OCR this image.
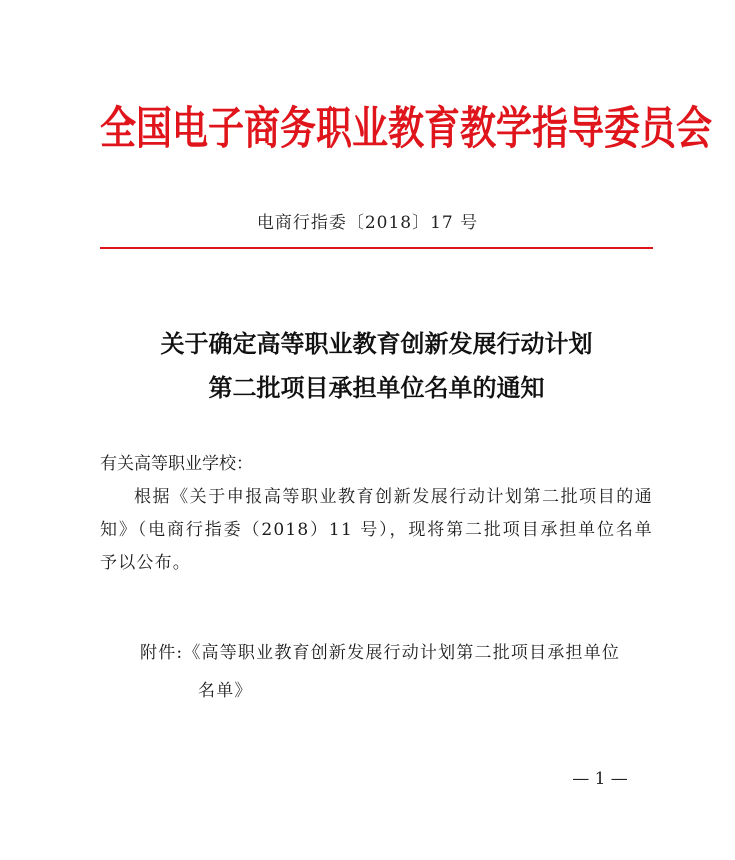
全国电子商务职业教育教学指导委员会
电商行指委〔2018〕17 号
关于确定高等职业教育创新发展行动计划
第二批项目承担单位名单的通知
有关高等职业学校：
根据《关于申报高等职业教育创新发展行动计划第二批项目的通知》（电商行指委（2018）11 号），现将第二批项目承担单位名单予以公布。
附件:《高等职业教育创新发展行动计划第二批项目承担单位
名单》
— 1 —
